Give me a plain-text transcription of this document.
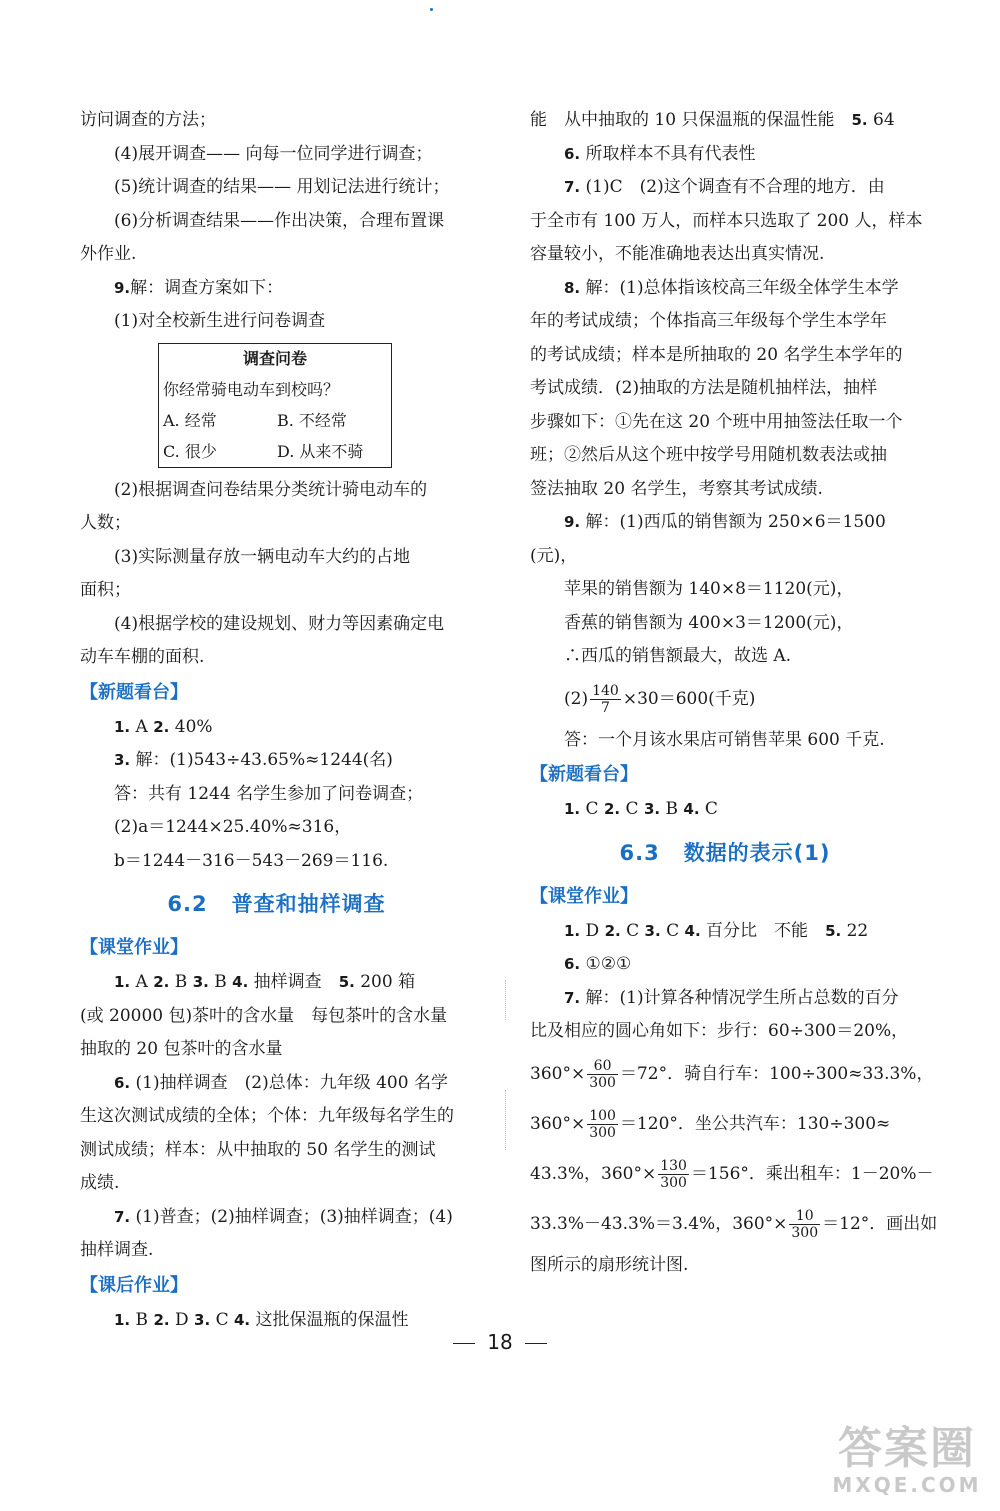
访问调查的方法；
(4)展开调查—— 向每一位同学进行调查；
(5)统计调查的结果—— 用划记法进行统计；
(6)分析调查结果——作出决策，合理布置课
外作业.
9.解：调查方案如下：
(1)对全校新生进行问卷调查
调查问卷
你经常骑电动车到校吗？
A. 经常	B. 不经常
C. 很少	D. 从来不骑
(2)根据调查问卷结果分类统计骑电动车的
人数；
(3)实际测量存放一辆电动车大约的占地
面积；
(4)根据学校的建设规划、财力等因素确定电
动车车棚的面积.
【新题看台】
1. A 2. 40%
3. 解：(1)543÷43.65%≈1244(名)
答：共有 1244 名学生参加了问卷调查；
(2)a＝1244×25.40%≈316，
b＝1244－316－543－269＝116.
6.2 普查和抽样调查
【课堂作业】
1. A 2. B 3. B 4. 抽样调查　 5. 200 箱
(或 20000 包)茶叶的含水量　每包茶叶的含水量
抽取的 20 包茶叶的含水量
6. (1)抽样调查　(2)总体：九年级 400 名学
生这次测试成绩的全体；个体：九年级每名学生的
测试成绩；样本：从中抽取的 50 名学生的测试
成绩.
7. (1)普查；(2)抽样调查；(3)抽样调查；(4)
抽样调查.
【课后作业】
1. B 2. D 3. C 4. 这批保温瓶的保温性
能　从中抽取的 10 只保温瓶的保温性能　 5. 64
6. 所取样本不具有代表性
7. (1)C　(2)这个调查有不合理的地方．由
于全市有 100 万人，而样本只选取了 200 人，样本
容量较小，不能准确地表达出真实情况.
8. 解：(1)总体指该校高三年级全体学生本学
年的考试成绩；个体指高三年级每个学生本学年
的考试成绩；样本是所抽取的 20 名学生本学年的
考试成绩．(2)抽取的方法是随机抽样法，抽样
步骤如下：①先在这 20 个班中用抽签法任取一个
班；②然后从这个班中按学号用随机数表法或抽
签法抽取 20 名学生，考察其考试成绩.
9. 解：(1)西瓜的销售额为 250×6＝1500
(元)，
苹果的销售额为 140×8＝1120(元)，
香蕉的销售额为 400×3＝1200(元)，
∴西瓜的销售额最大，故选 A.
$(2) \frac{140}{7} \times 30=600$(千克)
答：一个月该水果店可销售苹果 600 千克.
【新题看台】
1. C 2. C 3. B 4. C
6.3 数据的表示(1)
【课堂作业】
1. D 2. C 3. C 4. 百分比　不能　 5. 22
6. ①②①
7. 解：(1)计算各种情况学生所占总数的百分
比及相应的圆心角如下：步行：60÷300＝20%，
$360^\circ\times \frac{60}{300} =72^\circ$．骑自行车：100÷300≈33.3%，
$360^\circ\times \frac{100}{300} =120^\circ$．坐公共汽车：130÷300≈
43.3%，$360^\circ\times \frac{130}{300} =156^\circ$．乘出租车：1－20%－
33.3%－43.3%＝3.4%，$360^\circ\times \frac{10}{300} =12^\circ$．画出如
图所示的扇形统计图.
18
答案圈
MXQE.COM
